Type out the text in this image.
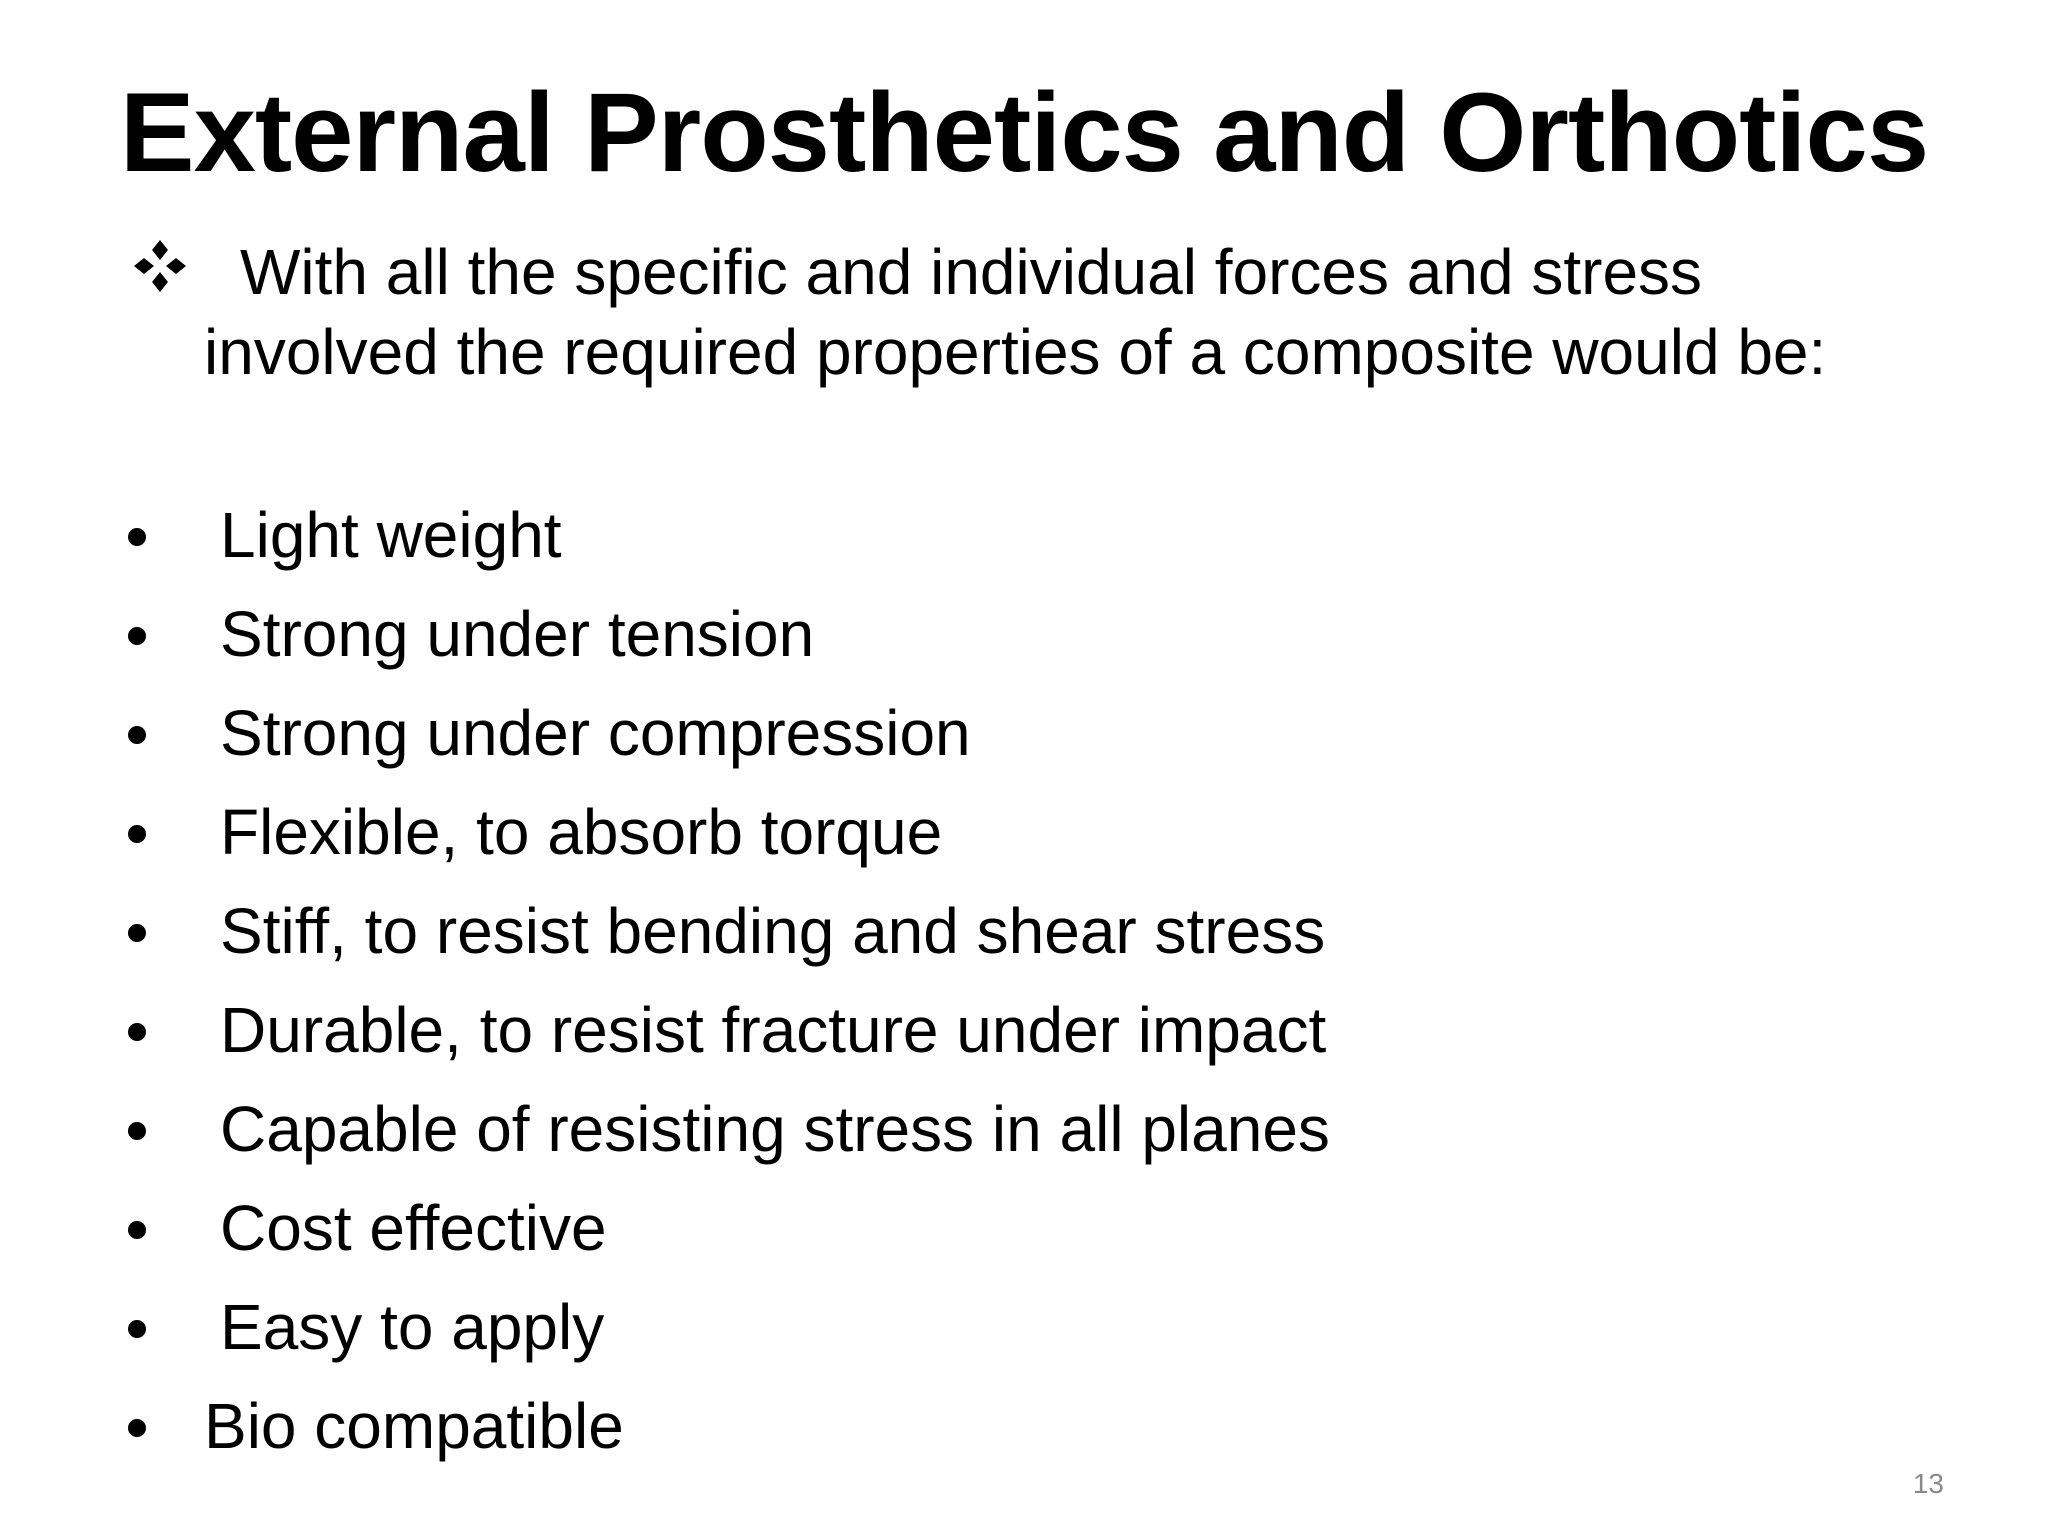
External Prosthetics and Orthotics
With all the specific and individual forces and stress involved the required properties of a composite would be:
Light weight
Strong under tension
Strong under compression
Flexible, to absorb torque
Stiff, to resist bending and shear stress
Durable, to resist fracture under impact
Capable of resisting stress in all planes
Cost effective
Easy to apply
Bio compatible
13
